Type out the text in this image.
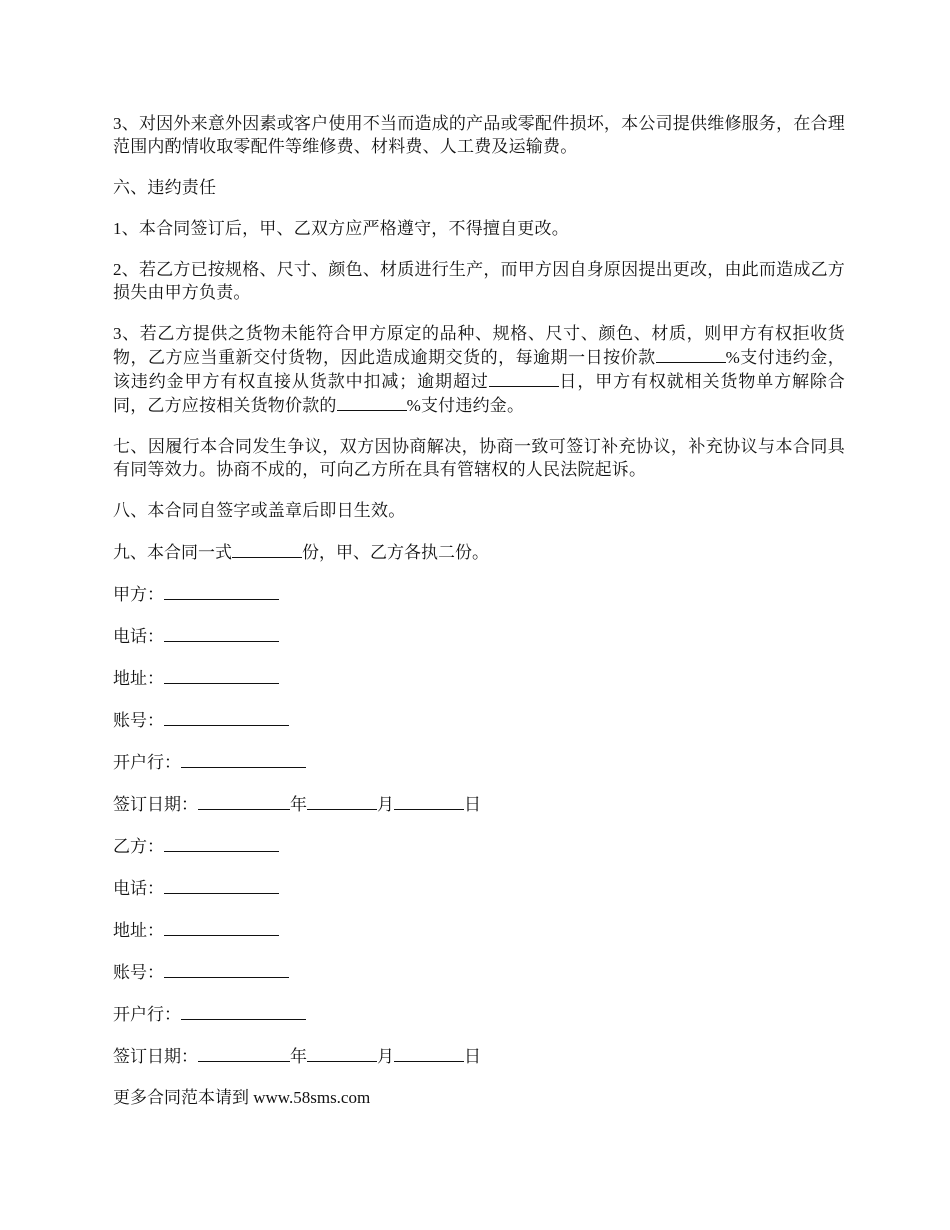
3、对因外来意外因素或客户使用不当而造成的产品或零配件损坏，本公司提供维修服务，在合理范围内酌情收取零配件等维修费、材料费、人工费及运输费。

六、违约责任

1、本合同签订后，甲、乙双方应严格遵守，不得擅自更改。

2、若乙方已按规格、尺寸、颜色、材质进行生产，而甲方因自身原因提出更改，由此而造成乙方损失由甲方负责。

3、若乙方提供之货物未能符合甲方原定的品种、规格、尺寸、颜色、材质，则甲方有权拒收货物，乙方应当重新交付货物，因此造成逾期交货的，每逾期一日按价款	%支付违约金，该违约金甲方有权直接从货款中扣减；逾期超过	日，甲方有权就相关货物单方解除合同，乙方应按相关货物价款的	%支付违约金。

七、因履行本合同发生争议，双方因协商解决，协商一致可签订补充协议，补充协议与本合同具有同等效力。协商不成的，可向乙方所在具有管辖权的人民法院起诉。

八、本合同自签字或盖章后即日生效。

九、本合同一式	份，甲、乙方各执二份。

甲方：

电话：

地址：

账号：

开户行：

签订日期：	年	月	日

乙方：

电话：

地址：

账号：

开户行：

签订日期：	年	月	日

更多合同范本请到 www.58sms.com
